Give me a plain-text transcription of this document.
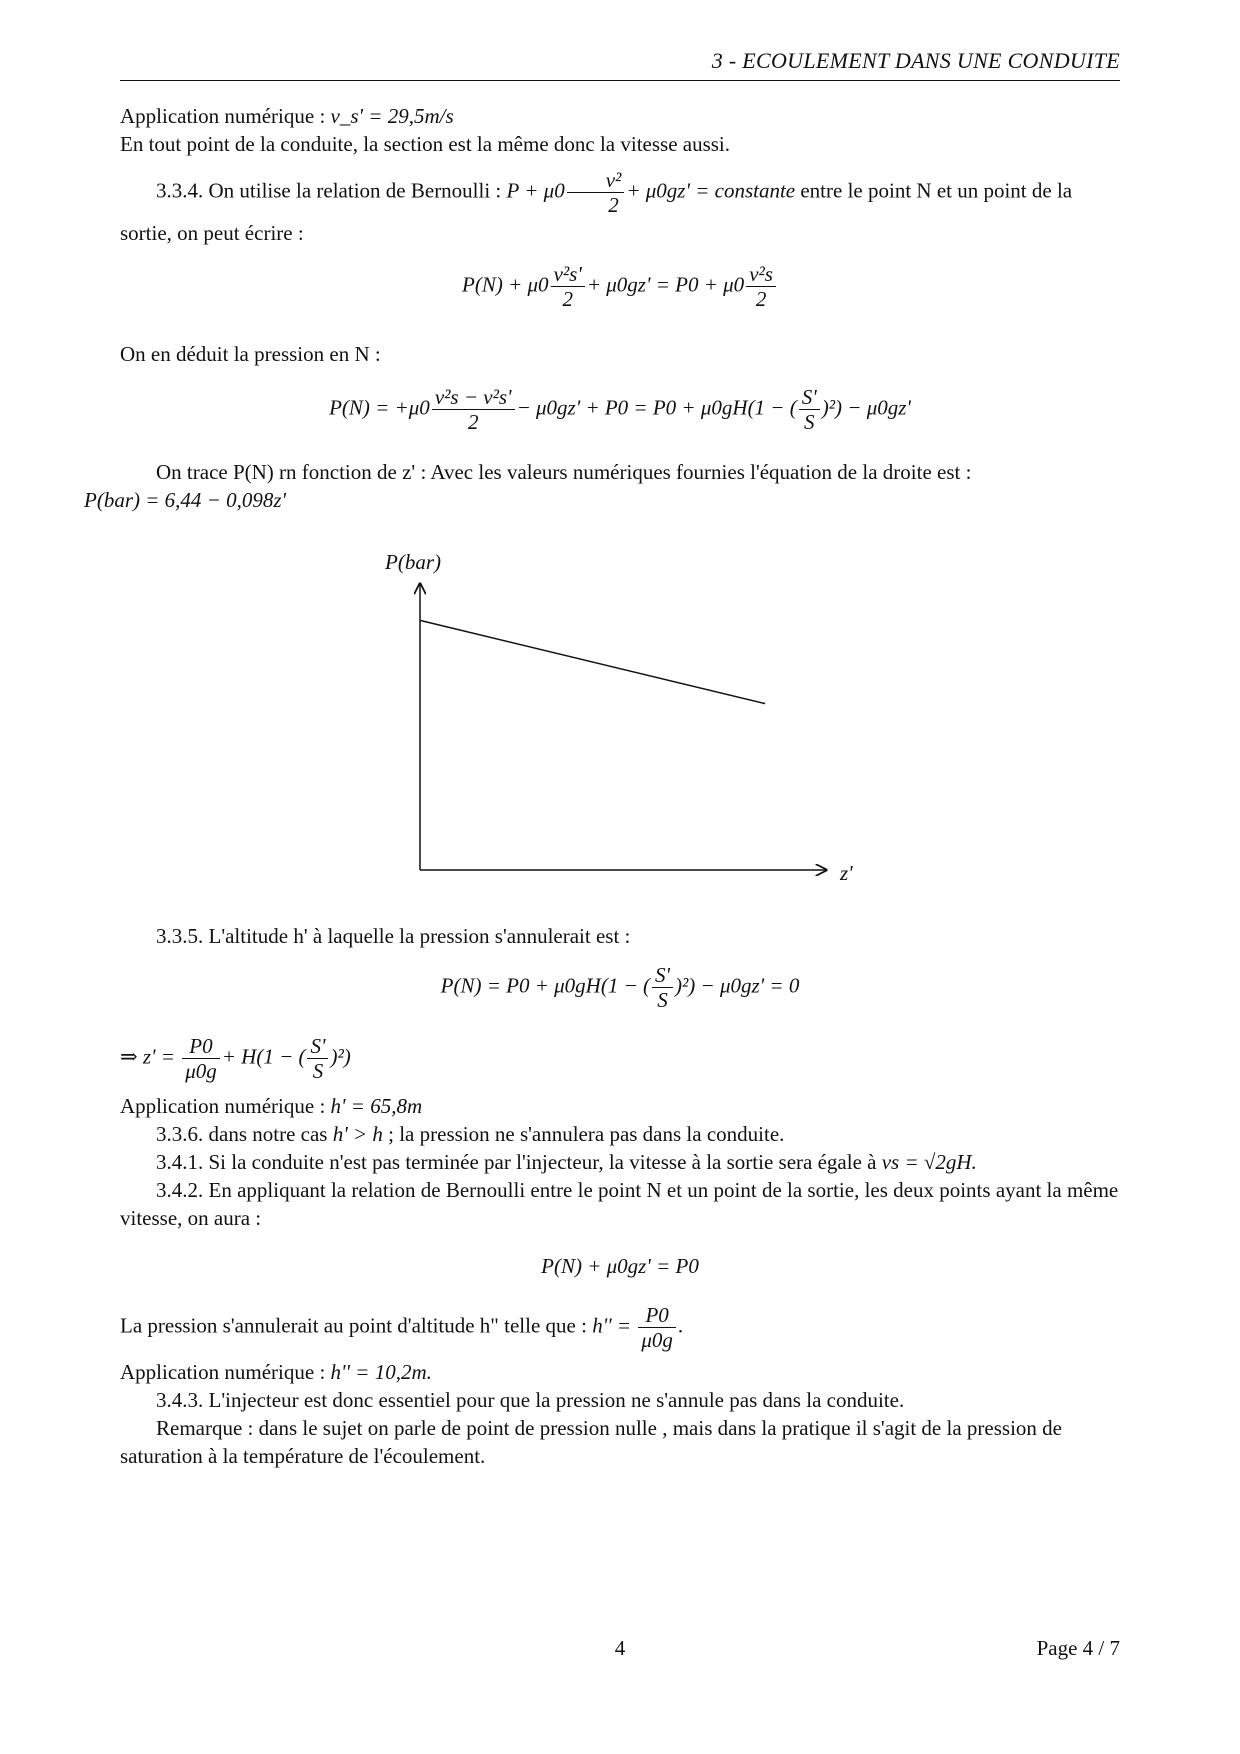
3 - ECOULEMENT DANS UNE CONDUITE
Application numérique : v_s' = 29,5m/s
En tout point de la conduite, la section est la même donc la vitesse aussi.
3.3.4. On utilise la relation de Bernoulli : $P + \mu 0 \frac{\text{v²}}{2} + \mu 0gz'$ = constante entre le point N et un point de la sortie, on peut écrire :
$P(N) + \mu 0 \frac{\text{v²s'}}{2} + \mu 0gz' = P0 + \mu 0 \frac{\text{v²s}}{2}$
On en déduit la pression en N :
$P(N) = +\mu 0 \frac{\text{v²s − v²s'}}{2} - \mu 0gz' + P0 = P0 + \mu 0gH(1$ − ( $\frac{S'}{S} )^2) - \mu 0gz'$
On trace P(N) rn fonction de z' : Avec les valeurs numériques fournies l'équation de la droite est :
P(bar) = 6,44 − 0,098z'
P(bar)
z'
3.3.5. L'altitude h' à laquelle la pression s'annulerait est :
P(N) = P0 + μ0gH(1 − ( $\frac{S'}{S} )^2) - \mu 0gz' = 0$
⇒ $z' = \frac{P0}{\mu 0g} + H(1$ − ( $\frac{S'}{S} )^2$)
Application numérique : h' = 65,8m
3.3.6. dans notre cas h' > h ; la pression ne s'annulera pas dans la conduite.
3.4.1. Si la conduite n'est pas terminée par l'injecteur, la vitesse à la sortie sera égale à vs = √2gH.
3.4.2. En appliquant la relation de Bernoulli entre le point N et un point de la sortie, les deux points ayant la même vitesse, on aura :
P(N) + μ0gz' = P0
La pression s'annulerait au point d'altitude h" telle que : $h'' = \frac{P0}{\mu 0g}$ .
Application numérique : h'' = 10,2m.
3.4.3. L'injecteur est donc essentiel pour que la pression ne s'annule pas dans la conduite.
Remarque : dans le sujet on parle de point de pression nulle , mais dans la pratique il s'agit de la pression de saturation à la température de l'écoulement.
4	Page 4 / 7
